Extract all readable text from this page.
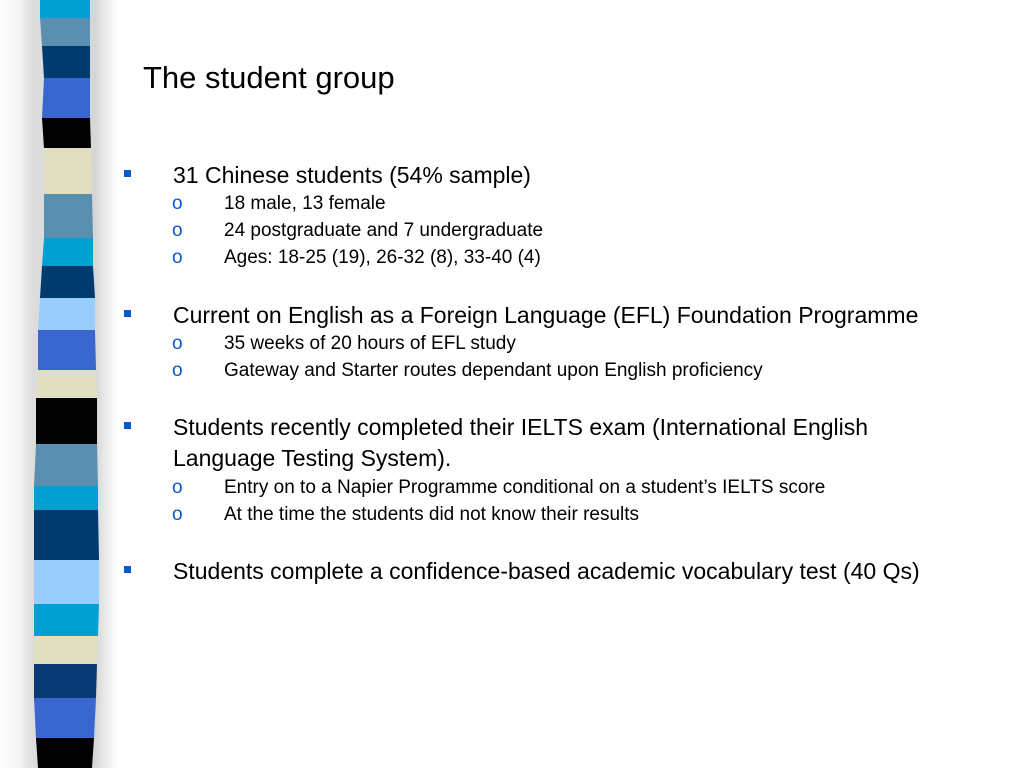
The student group
31 Chinese students (54% sample)
o 18 male, 13 female
o 24 postgraduate and 7 undergraduate
o Ages: 18-25 (19), 26-32 (8), 33-40 (4)
Current on English as a Foreign Language (EFL) Foundation Programme
o 35 weeks of 20 hours of EFL study
o Gateway and Starter routes dependant upon English proficiency
Students recently completed their IELTS exam (International English
Language Testing System).
o Entry on to a Napier Programme conditional on a student’s IELTS score
o At the time the students did not know their results
Students complete a confidence-based academic vocabulary test (40 Qs)
